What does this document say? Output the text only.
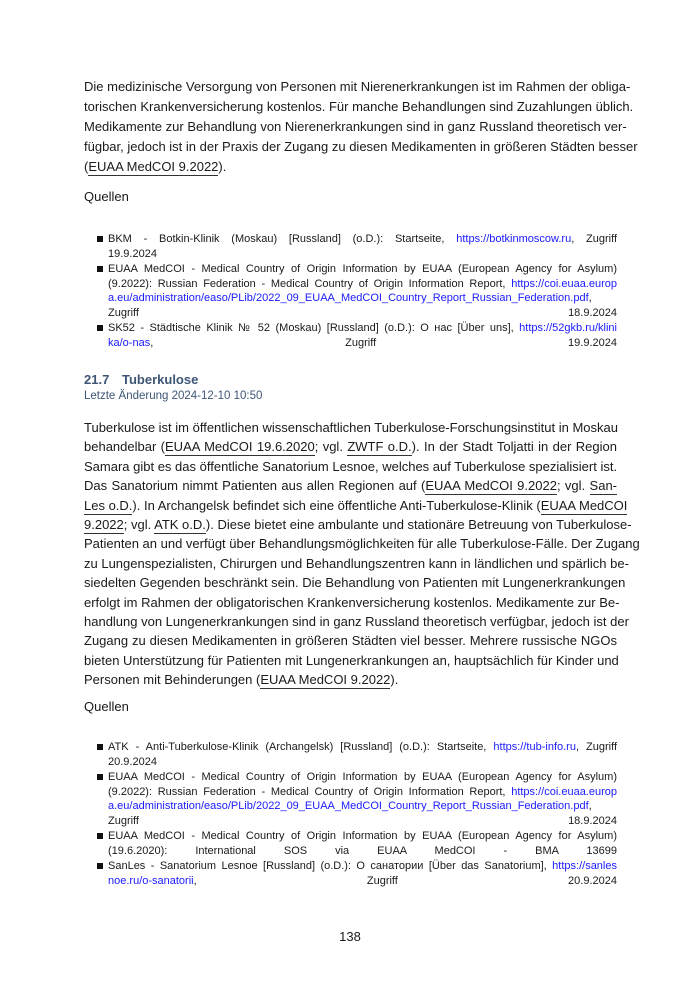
Die medizinische Versorgung von Personen mit Nierenerkrankungen ist im Rahmen der obliga-
torischen Krankenversicherung kostenlos. Für manche Behandlungen sind Zuzahlungen üblich.
Medikamente zur Behandlung von Nierenerkrankungen sind in ganz Russland theoretisch ver-
fügbar, jedoch ist in der Praxis der Zugang zu diesen Medikamenten in größeren Städten besser
(EUAA MedCOI 9.2022).
Quellen
BKM - Botkin-Klinik (Moskau) [Russland] (o.D.): Startseite, https://botkinmoscow.ru, Zugriff
19.9.2024
EUAA MedCOI - Medical Country of Origin Information by EUAA (European Agency for Asylum)
(9.2022): Russian Federation - Medical Country of Origin Information Report, https://coi.euaa.europ
a.eu/administration/easo/PLib/2022_09_EUAA_MedCOI_Country_Report_Russian_Federation.pdf,
Zugriff 18.9.2024
SK52 - Städtische Klinik № 52 (Moskau) [Russland] (o.D.): О нас [Über uns], https://52gkb.ru/klini
ka/o-nas, Zugriff 19.9.2024
21.7 Tuberkulose
Letzte Änderung 2024-12-10 10:50
Tuberkulose ist im öffentlichen wissenschaftlichen Tuberkulose-Forschungsinstitut in Moskau
behandelbar (EUAA MedCOI 19.6.2020; vgl. ZWTF o.D.). In der Stadt Toljatti in der Region
Samara gibt es das öffentliche Sanatorium Lesnoe, welches auf Tuberkulose spezialisiert ist.
Das Sanatorium nimmt Patienten aus allen Regionen auf (EUAA MedCOI 9.2022; vgl. San-
Les o.D.). In Archangelsk befindet sich eine öffentliche Anti-Tuberkulose-Klinik (EUAA MedCOI
9.2022; vgl. ATK o.D.). Diese bietet eine ambulante und stationäre Betreuung von Tuberkulose-
Patienten an und verfügt über Behandlungsmöglichkeiten für alle Tuberkulose-Fälle. Der Zugang
zu Lungenspezialisten, Chirurgen und Behandlungszentren kann in ländlichen und spärlich be-
siedelten Gegenden beschränkt sein. Die Behandlung von Patienten mit Lungenerkrankungen
erfolgt im Rahmen der obligatorischen Krankenversicherung kostenlos. Medikamente zur Be-
handlung von Lungenerkrankungen sind in ganz Russland theoretisch verfügbar, jedoch ist der
Zugang zu diesen Medikamenten in größeren Städten viel besser. Mehrere russische NGOs
bieten Unterstützung für Patienten mit Lungenerkrankungen an, hauptsächlich für Kinder und
Personen mit Behinderungen (EUAA MedCOI 9.2022).
Quellen
ATK - Anti-Tuberkulose-Klinik (Archangelsk) [Russland] (o.D.): Startseite, https://tub-info.ru, Zugriff
20.9.2024
EUAA MedCOI - Medical Country of Origin Information by EUAA (European Agency for Asylum)
(9.2022): Russian Federation - Medical Country of Origin Information Report, https://coi.euaa.europ
a.eu/administration/easo/PLib/2022_09_EUAA_MedCOI_Country_Report_Russian_Federation.pdf,
Zugriff 18.9.2024
EUAA MedCOI - Medical Country of Origin Information by EUAA (European Agency for Asylum)
(19.6.2020): International SOS via EUAA MedCOI - BMA 13699
SanLes - Sanatorium Lesnoe [Russland] (o.D.): О санатории [Über das Sanatorium], https://sanles
noe.ru/o-sanatorii, Zugriff 20.9.2024
138
